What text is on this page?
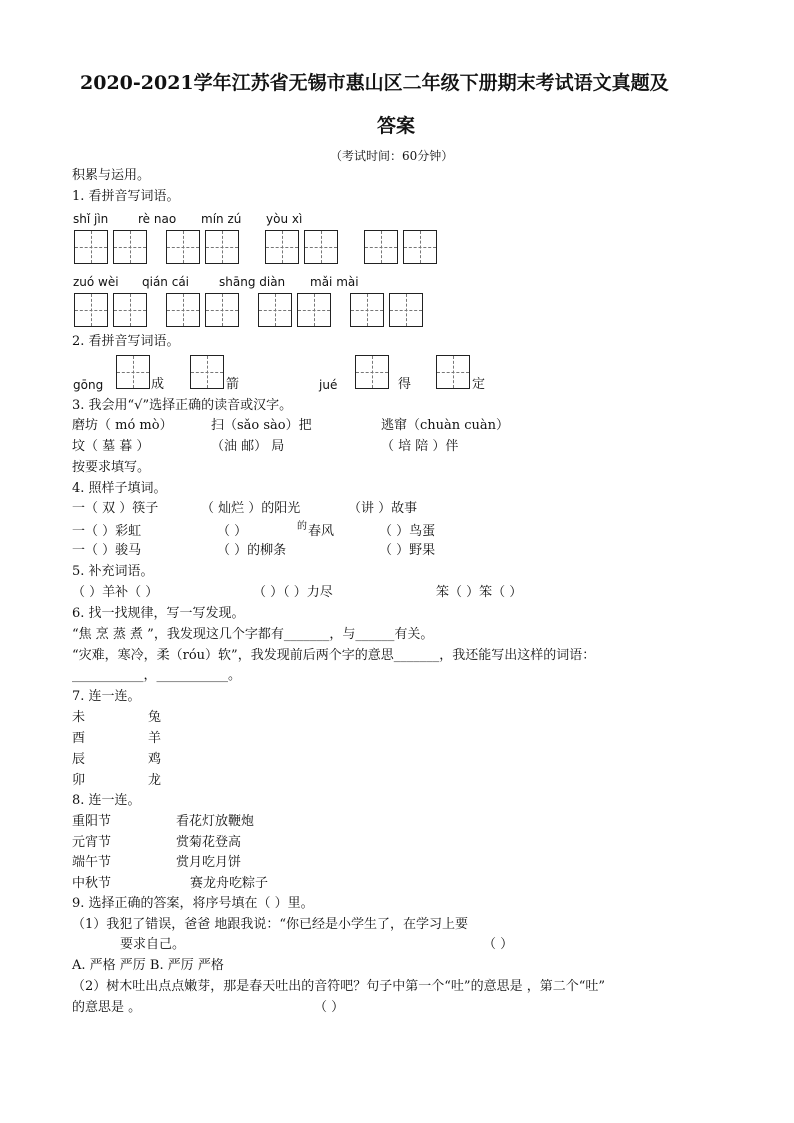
2020-2021学年江苏省无锡市惠山区二年级下册期末考试语文真题及
答案
（考试时间：60分钟）
积累与运用。
1. 看拼音写词语。
shǐ jìn rè nao mín zú yòu xì
zuó wèi qián cái shāng diàn mǎi mài
2. 看拼音写词语。
gōng	成	箭	jué	得	定
3. 我会用“√”选择正确的读音或汉字。
磨坊（ mó mò）	扫（sǎo sào）把	逃窜（chuàn cuàn）
坟（ 墓 暮 ）	（油 邮） 局	（ 培 陪 ）伴
按要求填写。
4. 照样子填词。
一（ 双 ）筷子	（ 灿烂 ）的阳光	（讲 ）故事
一（ ）彩虹	（ ）	的 春风	（ ）鸟蛋
一（ ）骏马	（ ）的柳条	（ ）野果
5. 补充词语。
（ ）羊补（ ）	（ ）（ ）力尽	笨（ ）笨（ ）
6. 找一找规律，写一写发现。
“焦 烹 蒸 煮 ”，我发现这几个字都有_______，与______有关。
“灾难，寒冷，柔（róu）软”，我发现前后两个字的意思_______，我还能写出这样的词语：
___________，___________。
7. 连一连。
未	兔
酉	羊
辰	鸡
卯	龙
8. 连一连。
重阳节	看花灯放鞭炮
元宵节	赏菊花登高
端午节	赏月吃月饼
中秋节	赛龙舟吃粽子
9. 选择正确的答案，将序号填在（ ）里。
（1）我犯了错误，爸爸 地跟我说：“你已经是小学生了，在学习上要
要求自己。	（ ）
A. 严格 严厉 B. 严厉 严格
（2）树木吐出点点嫩芽，那是春天吐出的音符吧？句子中第一个“吐”的意思是 ，第二个“吐”
的意思是 。	（ ）
